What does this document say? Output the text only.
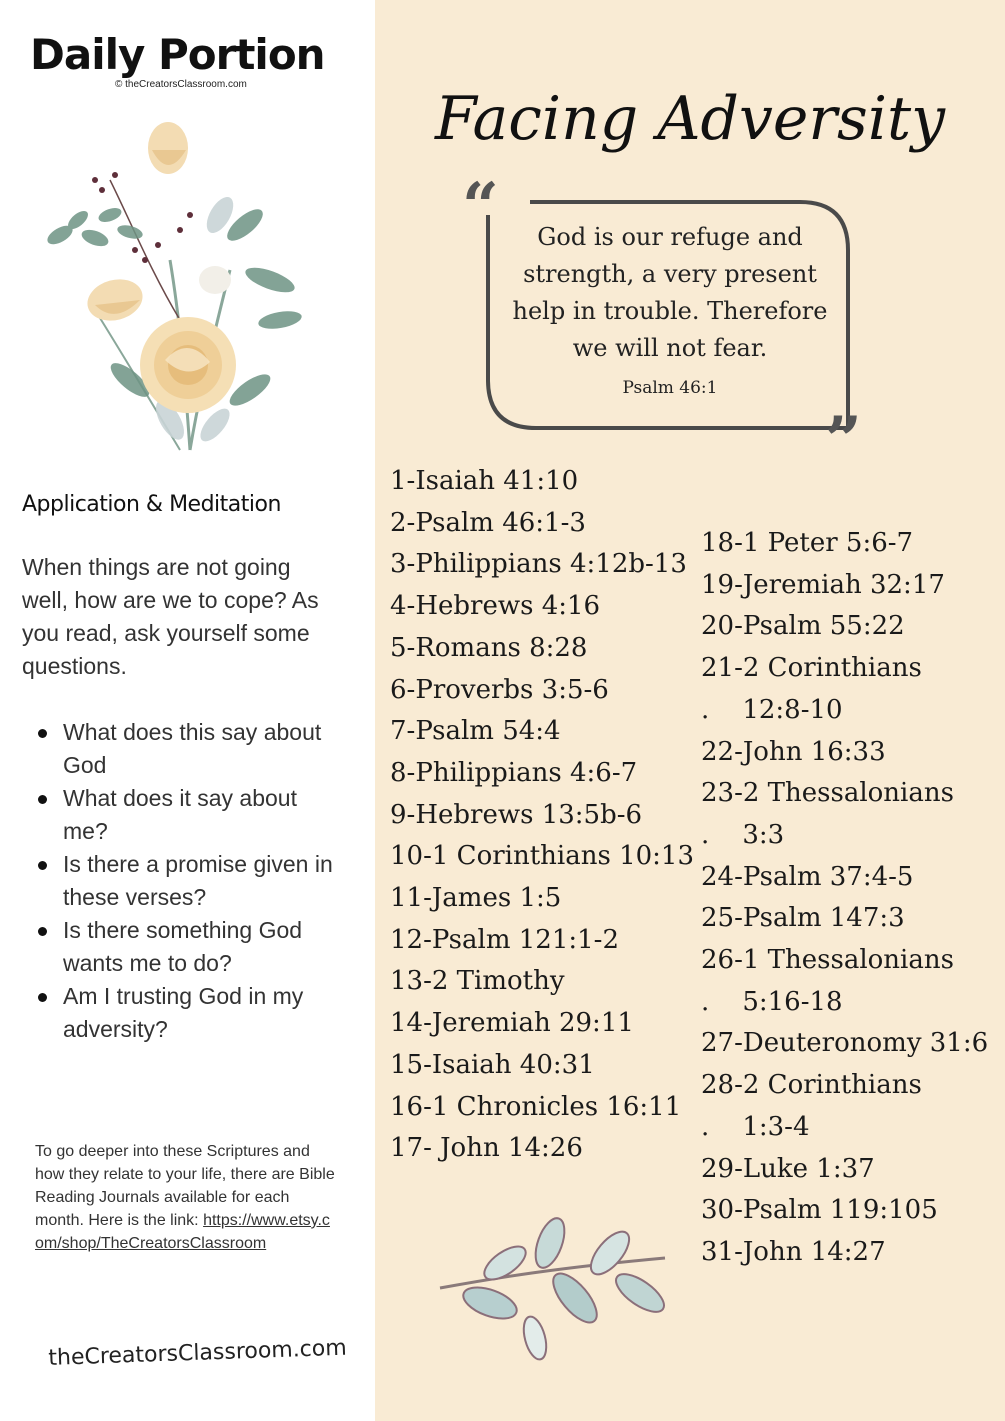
Daily Portion
© theCreatorsClassroom.com
Application & Meditation

When things are not going well, how are we to cope? As you read, ask yourself some questions.

What does this say about God
What does it say about me?
Is there a promise given in these verses?
Is there something God wants me to do?
Am I trusting God in my adversity?

To go deeper into these Scriptures and how they relate to your life, there are Bible Reading Journals available for each month. Here is the link: https://www.etsy.com/shop/TheCreatorsClassroom

theCreatorsClassroom.com
Facing Adversity
“
”

God is our refuge and strength, a very present help in trouble. Therefore we will not fear.

Psalm 46:1
1-Isaiah 41:10
2-Psalm 46:1-3
3-Philippians 4:12b-13
4-Hebrews 4:16
5-Romans 8:28
6-Proverbs 3:5-6
7-Psalm 54:4
8-Philippians 4:6-7
9-Hebrews 13:5b-6
10-1 Corinthians 10:13
11-James 1:5
12-Psalm 121:1-2
13-2 Timothy
14-Jeremiah 29:11
15-Isaiah 40:31
16-1 Chronicles 16:11
17- John 14:26
18-1 Peter 5:6-7
19-Jeremiah 32:17
20-Psalm 55:22
21-2 Corinthians
.    12:8-10
22-John 16:33
23-2 Thessalonians
.    3:3
24-Psalm 37:4-5
25-Psalm 147:3
26-1 Thessalonians
.    5:16-18
27-Deuteronomy 31:6
28-2 Corinthians
.    1:3-4
29-Luke 1:37
30-Psalm 119:105
31-John 14:27
